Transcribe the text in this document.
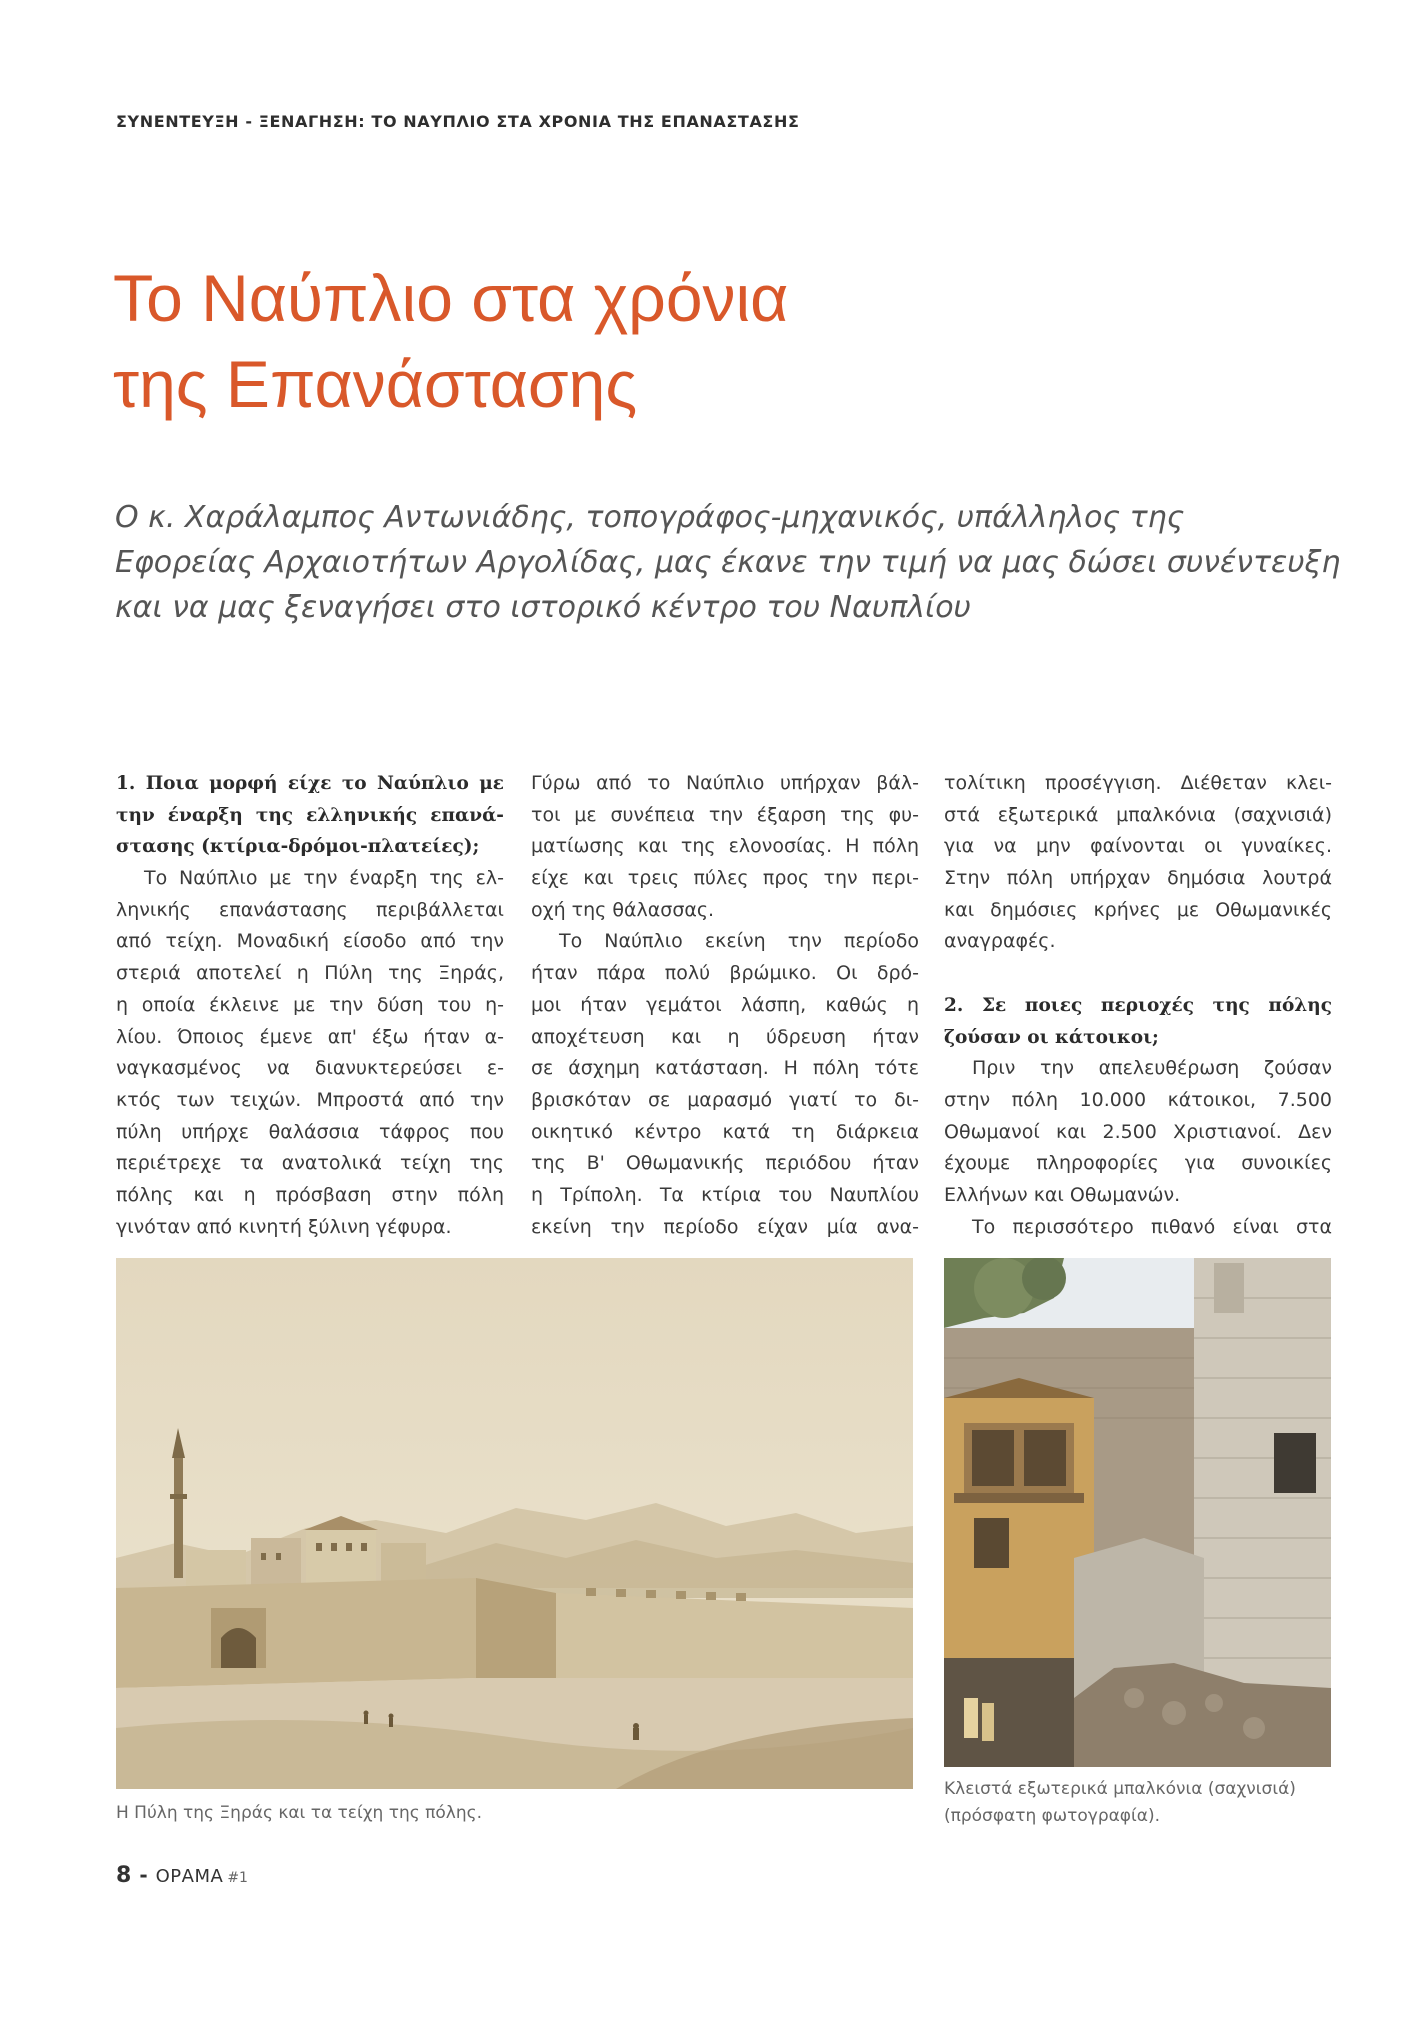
ΣΥΝΕΝΤΕΥΞΗ - ΞΕΝΑΓΗΣΗ: ΤΟ ΝΑΥΠΛΙΟ ΣΤΑ ΧΡΟΝΙΑ ΤΗΣ ΕΠΑΝΑΣΤΑΣΗΣ
Το Ναύπλιο στα χρόνια
της Επανάστασης
Ο κ. Χαράλαμπος Αντωνιάδης, τοπογράφος-μηχανικός, υπάλληλος της
Εφορείας Αρχαιοτήτων Αργολίδας, μας έκανε την τιμή να μας δώσει συνέντευξη
και να μας ξεναγήσει στο ιστορικό κέντρο του Ναυπλίου
1. Ποια μορφή είχε το Ναύπλιο με
την έναρξη της ελληνικής επανά-
στασης (κτίρια-δρόμοι-πλατείες);
Το Ναύπλιο με την έναρξη της ελ-
ληνικής επανάστασης περιβάλλεται
από τείχη. Μοναδική είσοδο από την
στεριά αποτελεί η Πύλη της Ξηράς,
η οποία έκλεινε με την δύση του η-
λίου. Όποιος έμενε απ' έξω ήταν α-
ναγκασμένος να διανυκτερεύσει ε-
κτός των τειχών. Μπροστά από την
πύλη υπήρχε θαλάσσια τάφρος που
περιέτρεχε τα ανατολικά τείχη της
πόλης και η πρόσβαση στην πόλη
γινόταν από κινητή ξύλινη γέφυρα.
Γύρω από το Ναύπλιο υπήρχαν βάλ-
τοι με συνέπεια την έξαρση της φυ-
ματίωσης και της ελονοσίας. Η πόλη
είχε και τρεις πύλες προς την περι-
οχή της θάλασσας.
Το Ναύπλιο εκείνη την περίοδο
ήταν πάρα πολύ βρώμικο. Οι δρό-
μοι ήταν γεμάτοι λάσπη, καθώς η
αποχέτευση και η ύδρευση ήταν
σε άσχημη κατάσταση. Η πόλη τότε
βρισκόταν σε μαρασμό γιατί το δι-
οικητικό κέντρο κατά τη διάρκεια
της Β' Οθωμανικής περιόδου ήταν
η Τρίπολη. Τα κτίρια του Ναυπλίου
εκείνη την περίοδο είχαν μία ανα-
τολίτικη προσέγγιση. Διέθεταν κλει-
στά εξωτερικά μπαλκόνια (σαχνισιά)
για να μην φαίνονται οι γυναίκες.
Στην πόλη υπήρχαν δημόσια λουτρά
και δημόσιες κρήνες με Οθωμανικές
αναγραφές.
2. Σε ποιες περιοχές της πόλης
ζούσαν οι κάτοικοι;
Πριν την απελευθέρωση ζούσαν
στην πόλη 10.000 κάτοικοι, 7.500
Οθωμανοί και 2.500 Χριστιανοί. Δεν
έχουμε πληροφορίες για συνοικίες
Ελλήνων και Οθωμανών.
Το περισσότερο πιθανό είναι στα
Η Πύλη της Ξηράς και τα τείχη της πόλης.
Κλειστά εξωτερικά μπαλκόνια (σαχνισιά)
(πρόσφατη φωτογραφία).
8 - ΟΡΑΜΑ #1
